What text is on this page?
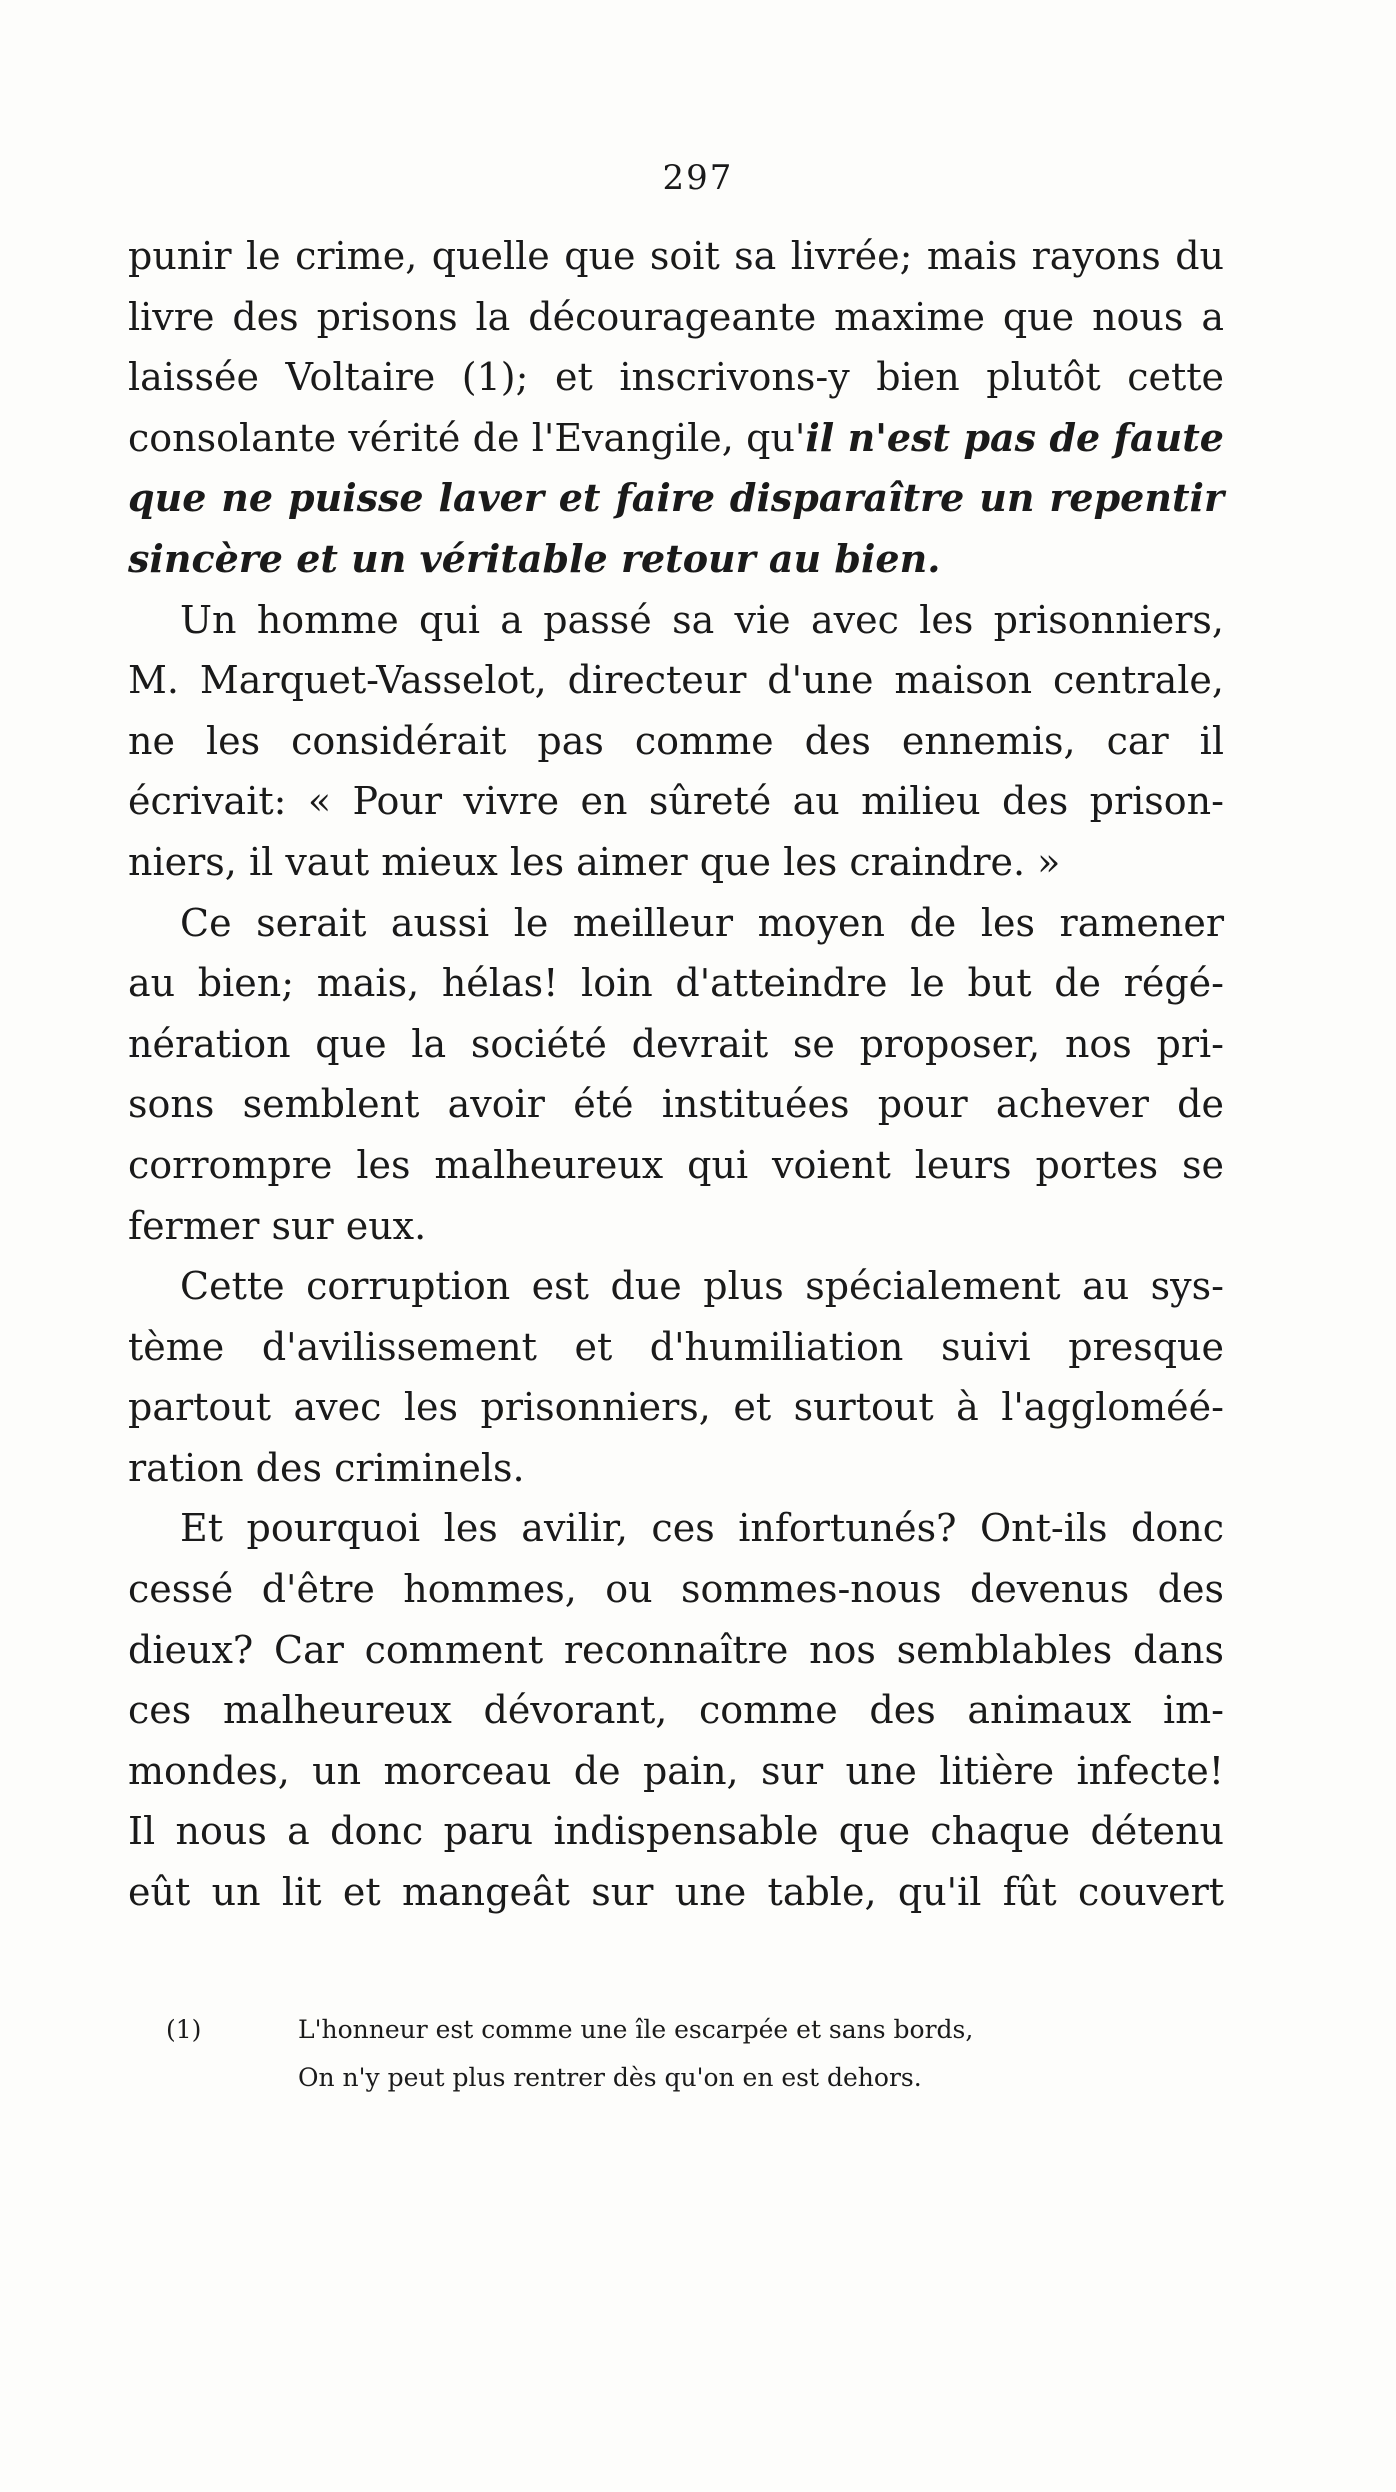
297
punir le crime, quelle que soit sa livrée; mais rayons du
livre des prisons la décourageante maxime que nous a
laissée Voltaire (1); et inscrivons-y bien plutôt cette
consolante vérité de l'Evangile, qu'il n'est pas de faute
que ne puisse laver et faire disparaître un repentir
sincère et un véritable retour au bien.
Un homme qui a passé sa vie avec les prisonniers,
M. Marquet-Vasselot, directeur d'une maison centrale,
ne les considérait pas comme des ennemis, car il
écrivait: « Pour vivre en sûreté au milieu des prison-
niers, il vaut mieux les aimer que les craindre. »
Ce serait aussi le meilleur moyen de les ramener
au bien; mais, hélas! loin d'atteindre le but de régé-
nération que la société devrait se proposer, nos pri-
sons semblent avoir été instituées pour achever de
corrompre les malheureux qui voient leurs portes se
fermer sur eux.
Cette corruption est due plus spécialement au sys-
tème d'avilissement et d'humiliation suivi presque
partout avec les prisonniers, et surtout à l'aggloméé-
ration des criminels.
Et pourquoi les avilir, ces infortunés? Ont-ils donc
cessé d'être hommes, ou sommes-nous devenus des
dieux? Car comment reconnaître nos semblables dans
ces malheureux dévorant, comme des animaux im-
mondes, un morceau de pain, sur une litière infecte!
Il nous a donc paru indispensable que chaque détenu
eût un lit et mangeât sur une table, qu'il fût couvert
(1)	L'honneur est comme une île escarpée et sans bords,
On n'y peut plus rentrer dès qu'on en est dehors.
